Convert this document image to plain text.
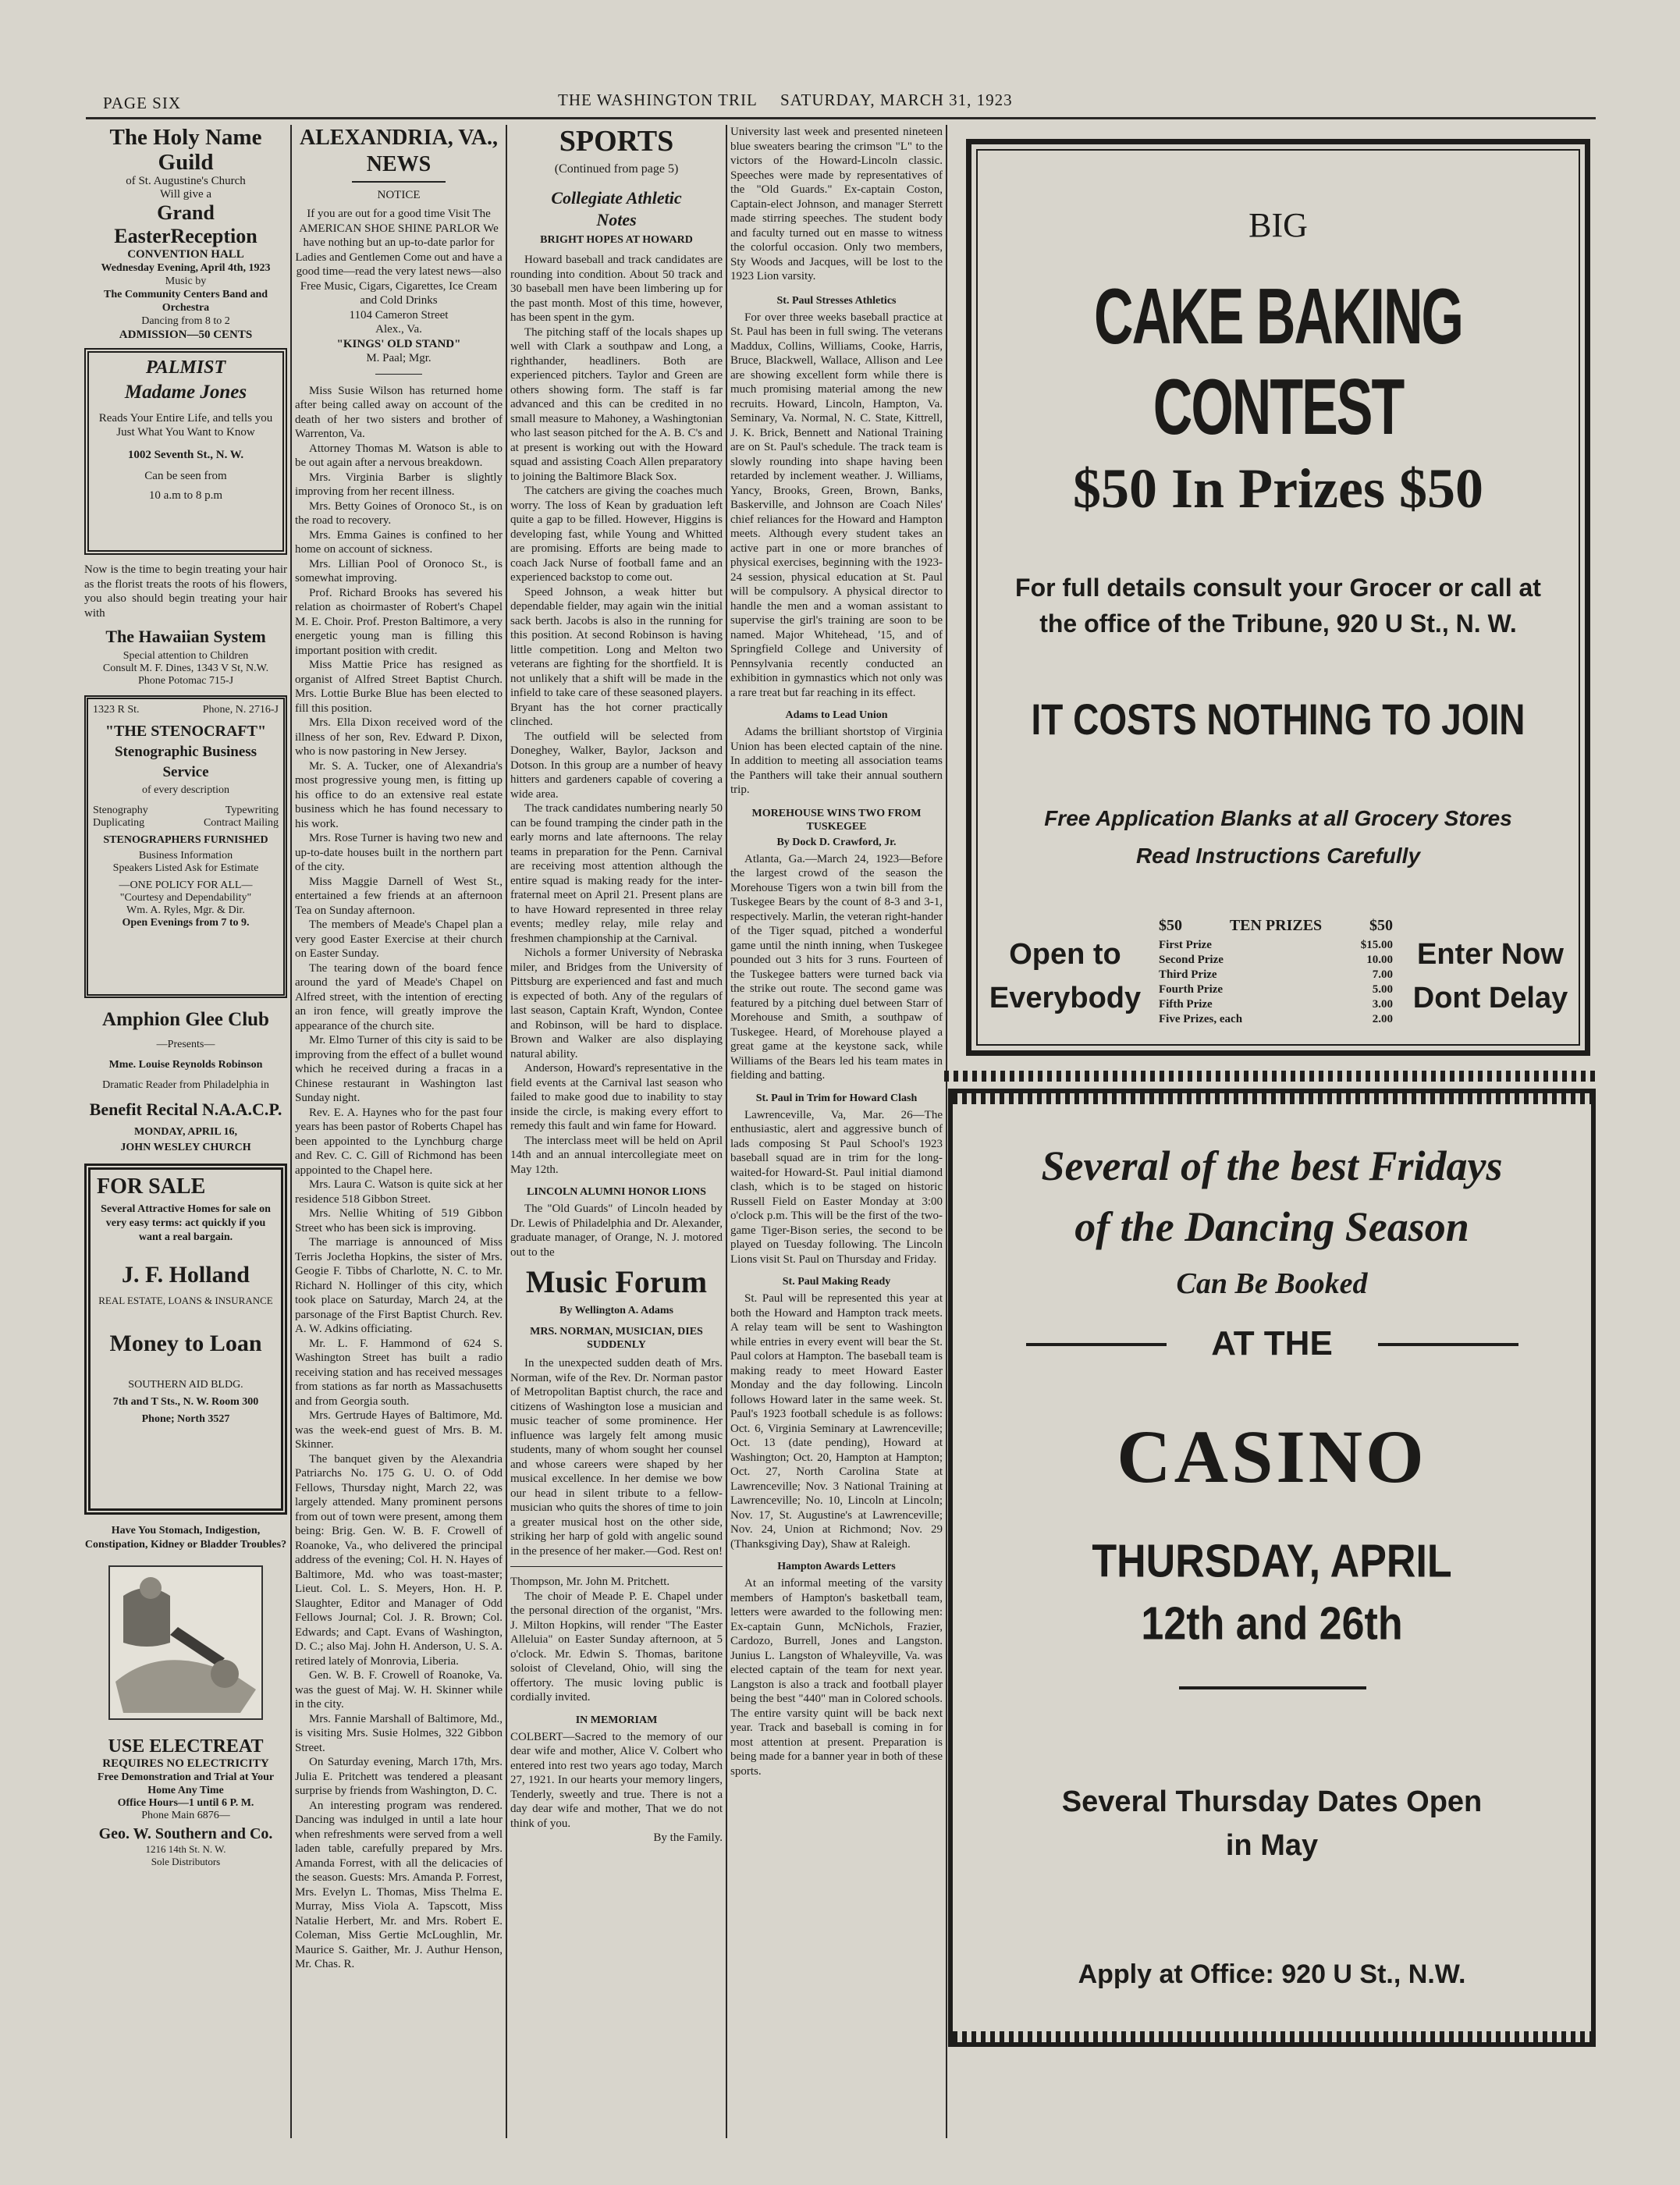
PAGE SIX	THE WASHINGTON TRIL SATURDAY, MARCH 31, 1923
The Holy Name Guild
of St. Augustine's Church
Will give a
Grand EasterReception
CONVENTION HALL
Wednesday Evening, April 4th, 1923
Music by
The Community Centers Band and Orchestra
Dancing from 8 to 2
ADMISSION—50 CENTS
PALMIST
Madame Jones
Reads Your Entire Life, and tells you Just What You Want to Know
1002 Seventh St., N. W.
Can be seen from
10 a.m to 8 p.m
Now is the time to begin treating your hair as the florist treats the roots of his flowers, you also should begin treating your hair with
The Hawaiian System
Special attention to Children
Consult M. F. Dines, 1343 V St, N.W.
Phone Potomac 715-J
1323 R St.	Phone, N. 2716-J
"THE STENOCRAFT"
Stenographic Business Service
of every description
Stenography	Typewriting
Duplicating	Contract Mailing
STENOGRAPHERS FURNISHED
Business Information
Speakers Listed Ask for Estimate
—ONE POLICY FOR ALL—
"Courtesy and Dependability"
Wm. A. Ryles, Mgr. & Dir.
Open Evenings from 7 to 9.
Amphion Glee Club
—Presents—
Mme. Louise Reynolds Robinson
Dramatic Reader from Philadelphia in
Benefit Recital N.A.A.C.P.
MONDAY, APRIL 16,
JOHN WESLEY CHURCH
FOR SALE
Several Attractive Homes for sale on very easy terms: act quickly if you want a real bargain.
J. F. Holland
REAL ESTATE, LOANS & INSURANCE
Money to Loan
SOUTHERN AID BLDG.
7th and T Sts., N. W. Room 300
Phone; North 3527
Have You Stomach, Indigestion, Constipation, Kidney or Bladder Troubles?
USE ELECTREAT
REQUIRES NO ELECTRICITY
Free Demonstration and Trial at Your Home Any Time
Office Hours—1 until 6 P. M.
Phone Main 6876—
Geo. W. Southern and Co.
1216 14th St. N. W.
Sole Distributors
ALEXANDRIA, VA., NEWS
NOTICE
If you are out for a good time Visit The AMERICAN SHOE SHINE PARLOR We have nothing but an up-to-date parlor for Ladies and Gentlemen Come out and have a good time—read the very latest news—also Free Music, Cigars, Cigarettes, Ice Cream and Cold Drinks
1104 Cameron Street
Alex., Va.
"KINGS' OLD STAND"
M. Paal; Mgr.

Miss Susie Wilson has returned home after being called away on account of the death of her two sisters and brother of Warrenton, Va.

Attorney Thomas M. Watson is able to be out again after a nervous breakdown.

Mrs. Virginia Barber is slightly improving from her recent illness.

Mrs. Betty Goines of Oronoco St., is on the road to recovery.

Mrs. Emma Gaines is confined to her home on account of sickness.

Mrs. Lillian Pool of Oronoco St., is somewhat improving.

Prof. Richard Brooks has severed his relation as choirmaster of Robert's Chapel M. E. Choir. Prof. Preston Baltimore, a very energetic young man is filling this important position with credit.

Miss Mattie Price has resigned as organist of Alfred Street Baptist Church. Mrs. Lottie Burke Blue has been elected to fill this position.

Mrs. Ella Dixon received word of the illness of her son, Rev. Edward P. Dixon, who is now pastoring in New Jersey.

Mr. S. A. Tucker, one of Alexandria's most progressive young men, is fitting up his office to do an extensive real estate business which he has found necessary to his work.

Mrs. Rose Turner is having two new and up-to-date houses built in the northern part of the city.

Miss Maggie Darnell of West St., entertained a few friends at an afternoon Tea on Sunday afternoon.

The members of Meade's Chapel plan a very good Easter Exercise at their church on Easter Sunday.

The tearing down of the board fence around the yard of Meade's Chapel on Alfred street, with the intention of erecting an iron fence, will greatly improve the appearance of the church site.

Mr. Elmo Turner of this city is said to be improving from the effect of a bullet wound which he received during a fracas in a Chinese restaurant in Washington last Sunday night.

Rev. E. A. Haynes who for the past four years has been pastor of Roberts Chapel has been appointed to the Lynchburg charge and Rev. C. C. Gill of Richmond has been appointed to the Chapel here.

Mrs. Laura C. Watson is quite sick at her residence 518 Gibbon Street.

Mrs. Nellie Whiting of 519 Gibbon Street who has been sick is improving.

The marriage is announced of Miss Terris Jocletha Hopkins, the sister of Mrs. Geogie F. Tibbs of Charlotte, N. C. to Mr. Richard N. Hollinger of this city, which took place on Saturday, March 24, at the parsonage of the First Baptist Church. Rev. A. W. Adkins officiating.

Mr. L. F. Hammond of 624 S. Washington Street has built a radio receiving station and has received messages from stations as far north as Massachusetts and from Georgia south.

Mrs. Gertrude Hayes of Baltimore, Md. was the week-end guest of Mrs. B. M. Skinner.

The banquet given by the Alexandria Patriarchs No. 175 G. U. O. of Odd Fellows, Thursday night, March 22, was largely attended. Many prominent persons from out of town were present, among them being: Brig. Gen. W. B. F. Crowell of Roanoke, Va., who delivered the principal address of the evening; Col. H. N. Hayes of Baltimore, Md. who was toast-master; Lieut. Col. L. S. Meyers, Hon. H. P. Slaughter, Editor and Manager of Odd Fellows Journal; Col. J. R. Brown; Col. Edwards; and Capt. Evans of Washington, D. C.; also Maj. John H. Anderson, U. S. A. retired lately of Monrovia, Liberia.

Gen. W. B. F. Crowell of Roanoke, Va. was the guest of Maj. W. H. Skinner while in the city.

Mrs. Fannie Marshall of Baltimore, Md., is visiting Mrs. Susie Holmes, 322 Gibbon Street.

On Saturday evening, March 17th, Mrs. Julia E. Pritchett was tendered a pleasant surprise by friends from Washington, D. C.

An interesting program was rendered. Dancing was indulged in until a late hour when refreshments were served from a well laden table, carefully prepared by Mrs. Amanda Forrest, with all the delicacies of the season. Guests: Mrs. Amanda P. Forrest, Mrs. Evelyn L. Thomas, Miss Thelma E. Murray, Miss Viola A. Tapscott, Miss Natalie Herbert, Mr. and Mrs. Robert E. Coleman, Miss Gertie McLoughlin, Mr. Maurice S. Gaither, Mr. J. Authur Henson, Mr. Chas. R.

SPORTS
(Continued from page 5)
Collegiate Athletic Notes
BRIGHT HOPES AT HOWARD

Howard baseball and track candidates are rounding into condition. About 50 track and 30 baseball men have been limbering up for the past month. Most of this time, however, has been spent in the gym.

The pitching staff of the locals shapes up well with Clark a southpaw and Long, a righthander, headliners. Both are experienced pitchers. Taylor and Green are others showing form. The staff is far advanced and this can be credited in no small measure to Mahoney, a Washingtonian who last season pitched for the A. B. C's and at present is working out with the Howard squad and assisting Coach Allen preparatory to joining the Baltimore Black Sox.

The catchers are giving the coaches much worry. The loss of Kean by graduation left quite a gap to be filled. However, Higgins is developing fast, while Young and Whitted are promising. Efforts are being made to coach Jack Nurse of football fame and an experienced backstop to come out.

Speed Johnson, a weak hitter but dependable fielder, may again win the initial sack berth. Jacobs is also in the running for this position. At second Robinson is having little competition. Long and Melton two veterans are fighting for the shortfield. It is not unlikely that a shift will be made in the infield to take care of these seasoned players. Bryant has the hot corner practically clinched.

The outfield will be selected from Doneghey, Walker, Baylor, Jackson and Dotson. In this group are a number of heavy hitters and gardeners capable of covering a wide area.

The track candidates numbering nearly 50 can be found tramping the cinder path in the early morns and late afternoons. The relay teams in preparation for the Penn. Carnival are receiving most attention although the entire squad is making ready for the inter-fraternal meet on April 21. Present plans are to have Howard represented in three relay events; medley relay, mile relay and freshmen championship at the Carnival.

Nichols a former University of Nebraska miler, and Bridges from the University of Pittsburg are experienced and fast and much is expected of both. Any of the regulars of last season, Captain Kraft, Wyndon, Contee and Robinson, will be hard to displace. Brown and Walker are also displaying natural ability.

Anderson, Howard's representative in the field events at the Carnival last season who failed to make good due to inability to stay inside the circle, is making every effort to remedy this fault and win fame for Howard.

The interclass meet will be held on April 14th and an annual intercollegiate meet on May 12th.

LINCOLN ALUMNI HONOR LIONS

The "Old Guards" of Lincoln headed by Dr. Lewis of Philadelphia and Dr. Alexander, graduate manager, of Orange, N. J. motored out to the

Music Forum
By Wellington A. Adams
MRS. NORMAN, MUSICIAN, DIES SUDDENLY

In the unexpected sudden death of Mrs. Norman, wife of the Rev. Dr. Norman pastor of Metropolitan Baptist church, the race and citizens of Washington lose a musician and music teacher of some prominence. Her influence was largely felt among music students, many of whom sought her counsel and whose careers were shaped by her musical excellence. In her demise we bow our head in silent tribute to a fellow-musician who quits the shores of time to join a greater musical host on the other side, striking her harp of gold with angelic sound in the presence of her maker.—God. Rest on!

Thompson, Mr. John M. Pritchett.

The choir of Meade P. E. Chapel under the personal direction of the organist, "Mrs. J. Milton Hopkins, will render "The Easter Alleluia" on Easter Sunday afternoon, at 5 o'clock. Mr. Edwin S. Thomas, baritone soloist of Cleveland, Ohio, will sing the offertory. The music loving public is cordially invited.

IN MEMORIAM

COLBERT—Sacred to the memory of our dear wife and mother, Alice V. Colbert who entered into rest two years ago today, March 27, 1921. In our hearts your memory lingers, Tenderly, sweetly and true. There is not a day dear wife and mother, That we do not think of you.

By the Family.

University last week and presented nineteen blue sweaters bearing the crimson "L" to the victors of the Howard-Lincoln classic. Speeches were made by representatives of the "Old Guards." Ex-captain Coston, Captain-elect Johnson, and manager Sterrett made stirring speeches. The student body and faculty turned out en masse to witness the colorful occasion. Only two members, Sty Woods and Jacques, will be lost to the 1923 Lion varsity.

St. Paul Stresses Athletics

For over three weeks baseball practice at St. Paul has been in full swing. The veterans Maddux, Collins, Williams, Cooke, Harris, Bruce, Blackwell, Wallace, Allison and Lee are showing excellent form while there is much promising material among the new recruits. Howard, Lincoln, Hampton, Va. Seminary, Va. Normal, N. C. State, Kittrell, J. K. Brick, Bennett and National Training are on St. Paul's schedule. The track team is slowly rounding into shape having been retarded by inclement weather. J. Williams, Yancy, Brooks, Green, Brown, Banks, Baskerville, and Johnson are Coach Niles' chief reliances for the Howard and Hampton meets. Although every student takes an active part in one or more branches of physical exercises, beginning with the 1923-24 session, physical education at St. Paul will be compulsory. A physical director to handle the men and a woman assistant to supervise the girl's training are soon to be named. Major Whitehead, '15, and of Springfield College and University of Pennsylvania recently conducted an exhibition in gymnastics which not only was a rare treat but far reaching in its effect.

Adams to Lead Union

Adams the brilliant shortstop of Virginia Union has been elected captain of the nine. In addition to meeting all association teams the Panthers will take their annual southern trip.

MOREHOUSE WINS TWO FROM TUSKEGEE
By Dock D. Crawford, Jr.

Atlanta, Ga.—March 24, 1923—Before the largest crowd of the season the Morehouse Tigers won a twin bill from the Tuskegee Bears by the count of 8-3 and 3-1, respectively. Marlin, the veteran right-hander of the Tiger squad, pitched a wonderful game until the ninth inning, when Tuskegee pounded out 3 hits for 3 runs. Fourteen of the Tuskegee batters were turned back via the strike out route. The second game was featured by a pitching duel between Starr of Morehouse and Smith, a southpaw of Tuskegee. Heard, of Morehouse played a great game at the keystone sack, while Williams of the Bears led his team mates in fielding and batting.

St. Paul in Trim for Howard Clash

Lawrenceville, Va, Mar. 26—The enthusiastic, alert and aggressive bunch of lads composing St Paul School's 1923 baseball squad are in trim for the long-waited-for Howard-St. Paul initial diamond clash, which is to be staged on historic Russell Field on Easter Monday at 3:00 o'clock p.m. This will be the first of the two-game Tiger-Bison series, the second to be played on Tuesday following. The Lincoln Lions visit St. Paul on Thursday and Friday.

St. Paul Making Ready

St. Paul will be represented this year at both the Howard and Hampton track meets. A relay team will be sent to Washington while entries in every event will bear the St. Paul colors at Hampton. The baseball team is making ready to meet Howard Easter Monday and the day following. Lincoln follows Howard later in the same week. St. Paul's 1923 football schedule is as follows: Oct. 6, Virginia Seminary at Lawrenceville; Oct. 13 (date pending), Howard at Washington; Oct. 20, Hampton at Hampton; Oct. 27, North Carolina State at Lawrenceville; Nov. 3 National Training at Lawrenceville; No. 10, Lincoln at Lincoln; Nov. 17, St. Augustine's at Lawrenceville; Nov. 24, Union at Richmond; Nov. 29 (Thanksgiving Day), Shaw at Raleigh.

Hampton Awards Letters

At an informal meeting of the varsity members of Hampton's basketball team, letters were awarded to the following men: Ex-captain Gunn, McNichols, Frazier, Cardozo, Burrell, Jones and Langston. Junius L. Langston of Whaleyville, Va. was elected captain of the team for next year. Langston is also a track and football player being the best "440" man in Colored schools. The entire varsity quint will be back next year. Track and baseball is coming in for most attention at present. Preparation is being made for a banner year in both of these sports.

BIG
CAKE BAKING CONTEST
$50 In Prizes $50
For full details consult your Grocer or call at the office of the Tribune, 920 U St., N. W.
IT COSTS NOTHING TO JOIN
Free Application Blanks at all Grocery Stores
Read Instructions Carefully
Open to Everybody
Enter Now Dont Delay
$50	TEN PRIZES	$50
First Prize	$15.00
Second Prize	10.00
Third Prize	7.00
Fourth Prize	5.00
Fifth Prize	3.00
Five Prizes, each	2.00
Several of the best Fridays
of the Dancing Season
Can Be Booked
AT THE
CASINO
THURSDAY, APRIL
12th and 26th
Several Thursday Dates Open in May
Apply at Office: 920 U St., N.W.
